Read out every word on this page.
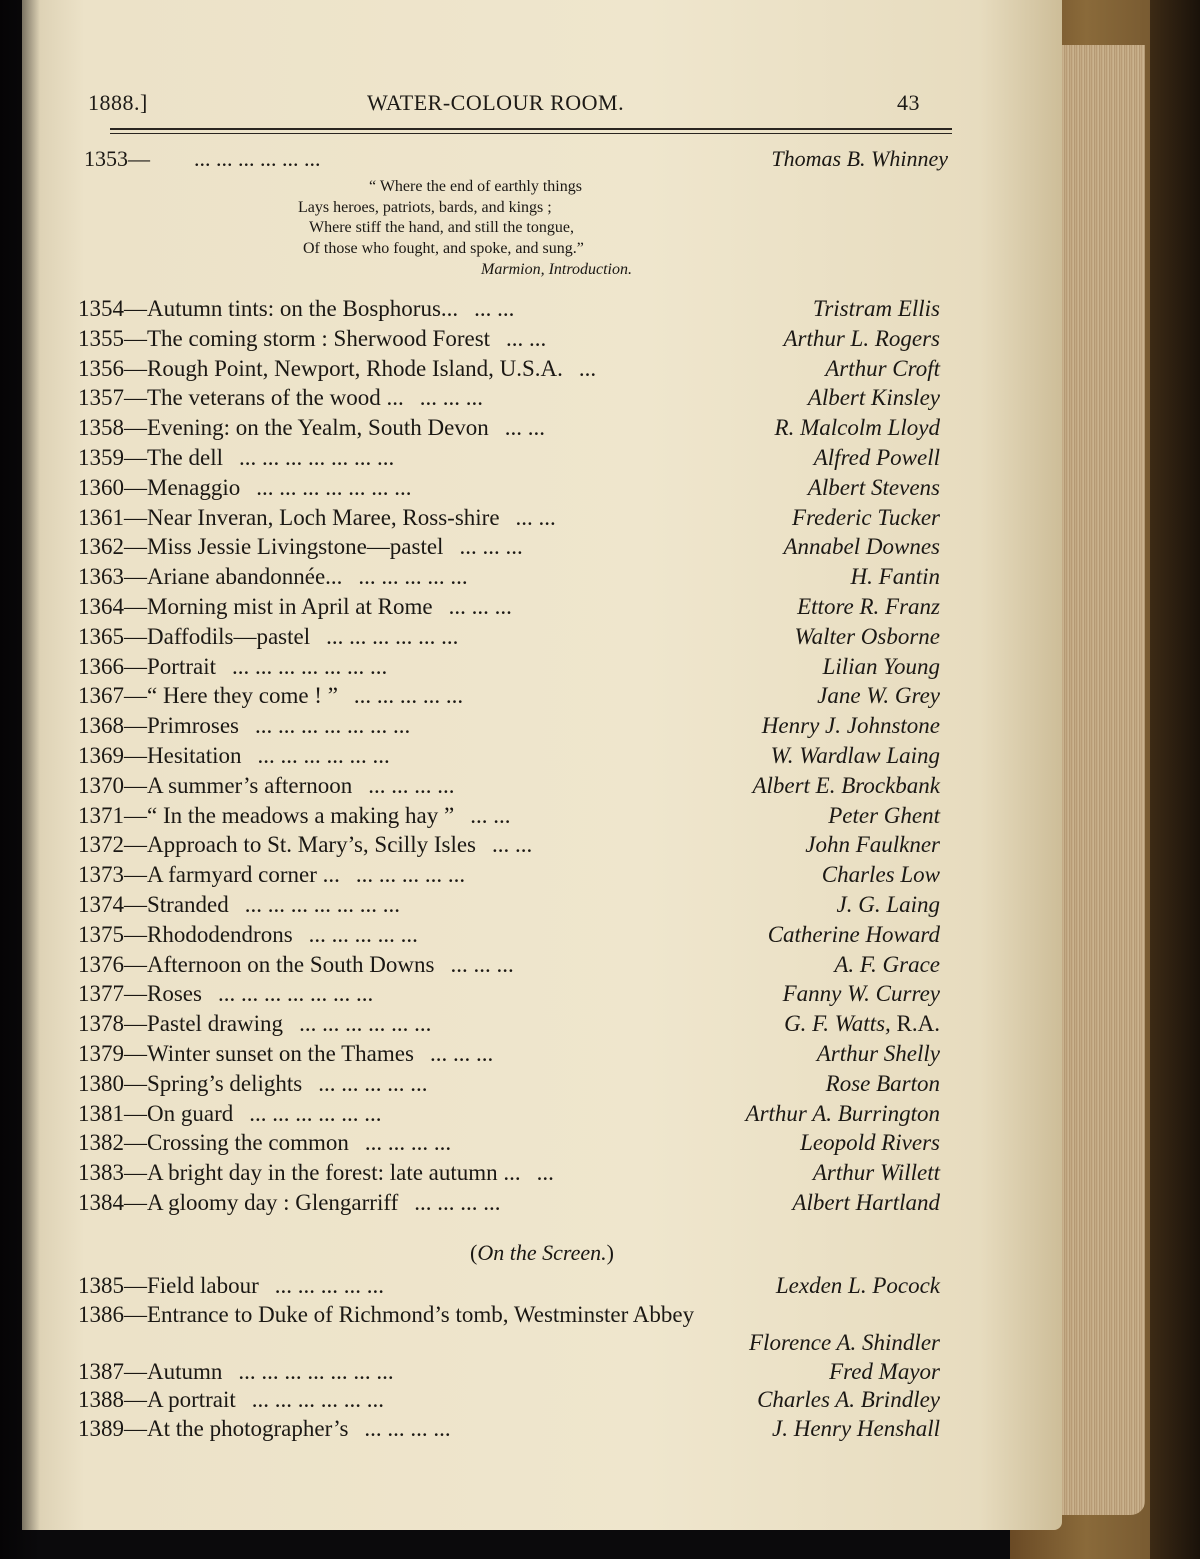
1888.]	WATER-COLOUR ROOM.	43
1353— ... ... ... ... ... ...	Thomas B. Whinney
“ Where the end of earthly things
Lays heroes, patriots, bards, and kings ;
Where stiff the hand, and still the tongue,
Of those who fought, and spoke, and sung.”
Marmion, Introduction.
1354—Autumn tints: on the Bosphorus... ... ...	Tristram Ellis
1355—The coming storm : Sherwood Forest ... ...	Arthur L. Rogers
1356—Rough Point, Newport, Rhode Island, U.S.A. ...	Arthur Croft
1357—The veterans of the wood ... ... ... ...	Albert Kinsley
1358—Evening: on the Yealm, South Devon ... ...	R. Malcolm Lloyd
1359—The dell ... ... ... ... ... ... ...	Alfred Powell
1360—Menaggio ... ... ... ... ... ... ...	Albert Stevens
1361—Near Inveran, Loch Maree, Ross-shire ... ...	Frederic Tucker
1362—Miss Jessie Livingstone—pastel ... ... ...	Annabel Downes
1363—Ariane abandonnée... ... ... ... ... ...	H. Fantin
1364—Morning mist in April at Rome ... ... ...	Ettore R. Franz
1365—Daffodils—pastel ... ... ... ... ... ...	Walter Osborne
1366—Portrait ... ... ... ... ... ... ...	Lilian Young
1367—“ Here they come ! ” ... ... ... ... ...	Jane W. Grey
1368—Primroses ... ... ... ... ... ... ...	Henry J. Johnstone
1369—Hesitation ... ... ... ... ... ...	W. Wardlaw Laing
1370—A summer’s afternoon ... ... ... ...	Albert E. Brockbank
1371—“ In the meadows a making hay ” ... ...	Peter Ghent
1372—Approach to St. Mary’s, Scilly Isles ... ...	John Faulkner
1373—A farmyard corner ... ... ... ... ... ...	Charles Low
1374—Stranded ... ... ... ... ... ... ...	J. G. Laing
1375—Rhododendrons ... ... ... ... ...	Catherine Howard
1376—Afternoon on the South Downs ... ... ...	A. F. Grace
1377—Roses ... ... ... ... ... ... ...	Fanny W. Currey
1378—Pastel drawing ... ... ... ... ... ...	G. F. Watts, R.A.
1379—Winter sunset on the Thames ... ... ...	Arthur Shelly
1380—Spring’s delights ... ... ... ... ...	Rose Barton
1381—On guard ... ... ... ... ... ...	Arthur A. Burrington
1382—Crossing the common ... ... ... ...	Leopold Rivers
1383—A bright day in the forest: late autumn ... ...	Arthur Willett
1384—A gloomy day : Glengarriff ... ... ... ...	Albert Hartland
(On the Screen.)
1385—Field labour ... ... ... ... ...	Lexden L. Pocock
1386—Entrance to Duke of Richmond’s tomb, Westminster Abbey
Florence A. Shindler
1387—Autumn ... ... ... ... ... ... ...	Fred Mayor
1388—A portrait ... ... ... ... ... ...	Charles A. Brindley
1389—At the photographer’s ... ... ... ...	J. Henry Henshall
